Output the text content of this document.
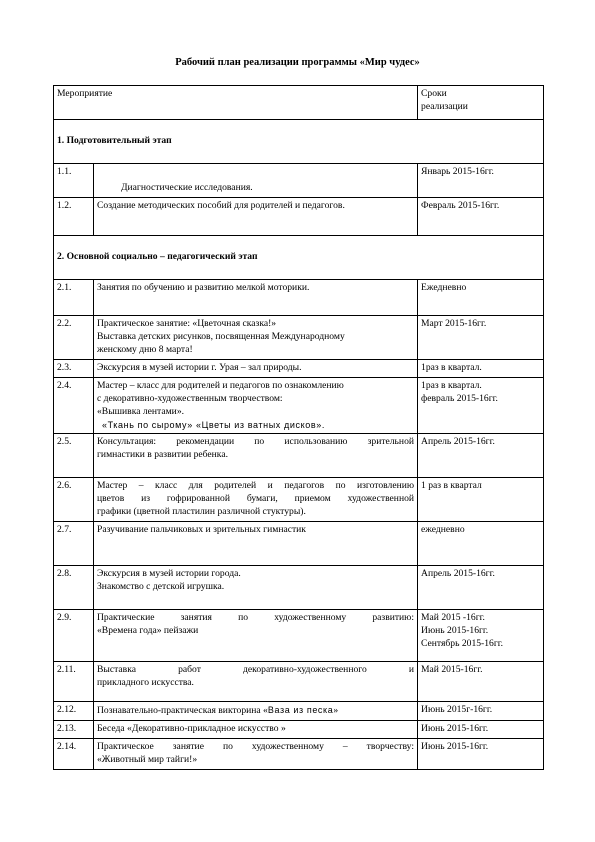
Рабочий план реализации программы «Мир чудес»
Мероприятие		Сроки
реализации

1. Подготовительный этап		
1.1.	Диагностические исследования.	Январь 2015-16гг.
1.2.	Создание методических пособий для родителей и педагогов.	Февраль 2015-16гг.
2. Основной социально – педагогический этап		
2.1.	Занятия по обучению и развитию мелкой моторики.	Ежедневно

2.2.	Практическое занятие: «Цветочная сказка!»
Выставка детских рисунков, посвященная Международному
женскому дню 8 марта!	Март 2015-16гг.

2.3.	Экскурсия в музей истории г. Урая – зал природы.	1раз в квартал.

2.4.	Мастер – класс для родителей и педагогов по ознакомлению
с декоративно-художественным творчеством:
«Вышивка лентами».
«Ткань по сырому» «Цветы из ватных дисков».	1раз в квартал.
февраль 2015-16гг.

2.5.	Консультация: рекомендации по использованию зрительной
гимнастики в развитии ребенка.	Апрель 2015-16гг.

2.6.	Мастер – класс для родителей и педагогов по изготовлению
цветов из гофрированной бумаги, приемом художественной
графики (цветной пластилин различной стуктуры).	1 раз в квартал

2.7.	Разучивание пальчиковых и зрительных гимнастик	ежедневно

2.8.	Экскурсия в музей истории города.
Знакомство с детской игрушка.	Апрель 2015-16гг.

2.9.	Практические занятия по художественному развитию:
«Времена года» пейзажи	Май 2015 -16гг.
Июнь 2015-16гг.
Сентябрь 2015-16гг.

2.11.	Выставка работ декоративно-художественного и
прикладного искусства.	Май 2015-16гг.

2.12.	Познавательно-практическая викторина «Ваза из песка»	Июнь 2015г-16гг.

2.13.	Беседа «Декоративно-прикладное искусство »	Июнь 2015-16гг.

2.14.	Практическое занятие по художественному – творчеству:
«Животный мир тайги!»	Июнь 2015-16гг.
